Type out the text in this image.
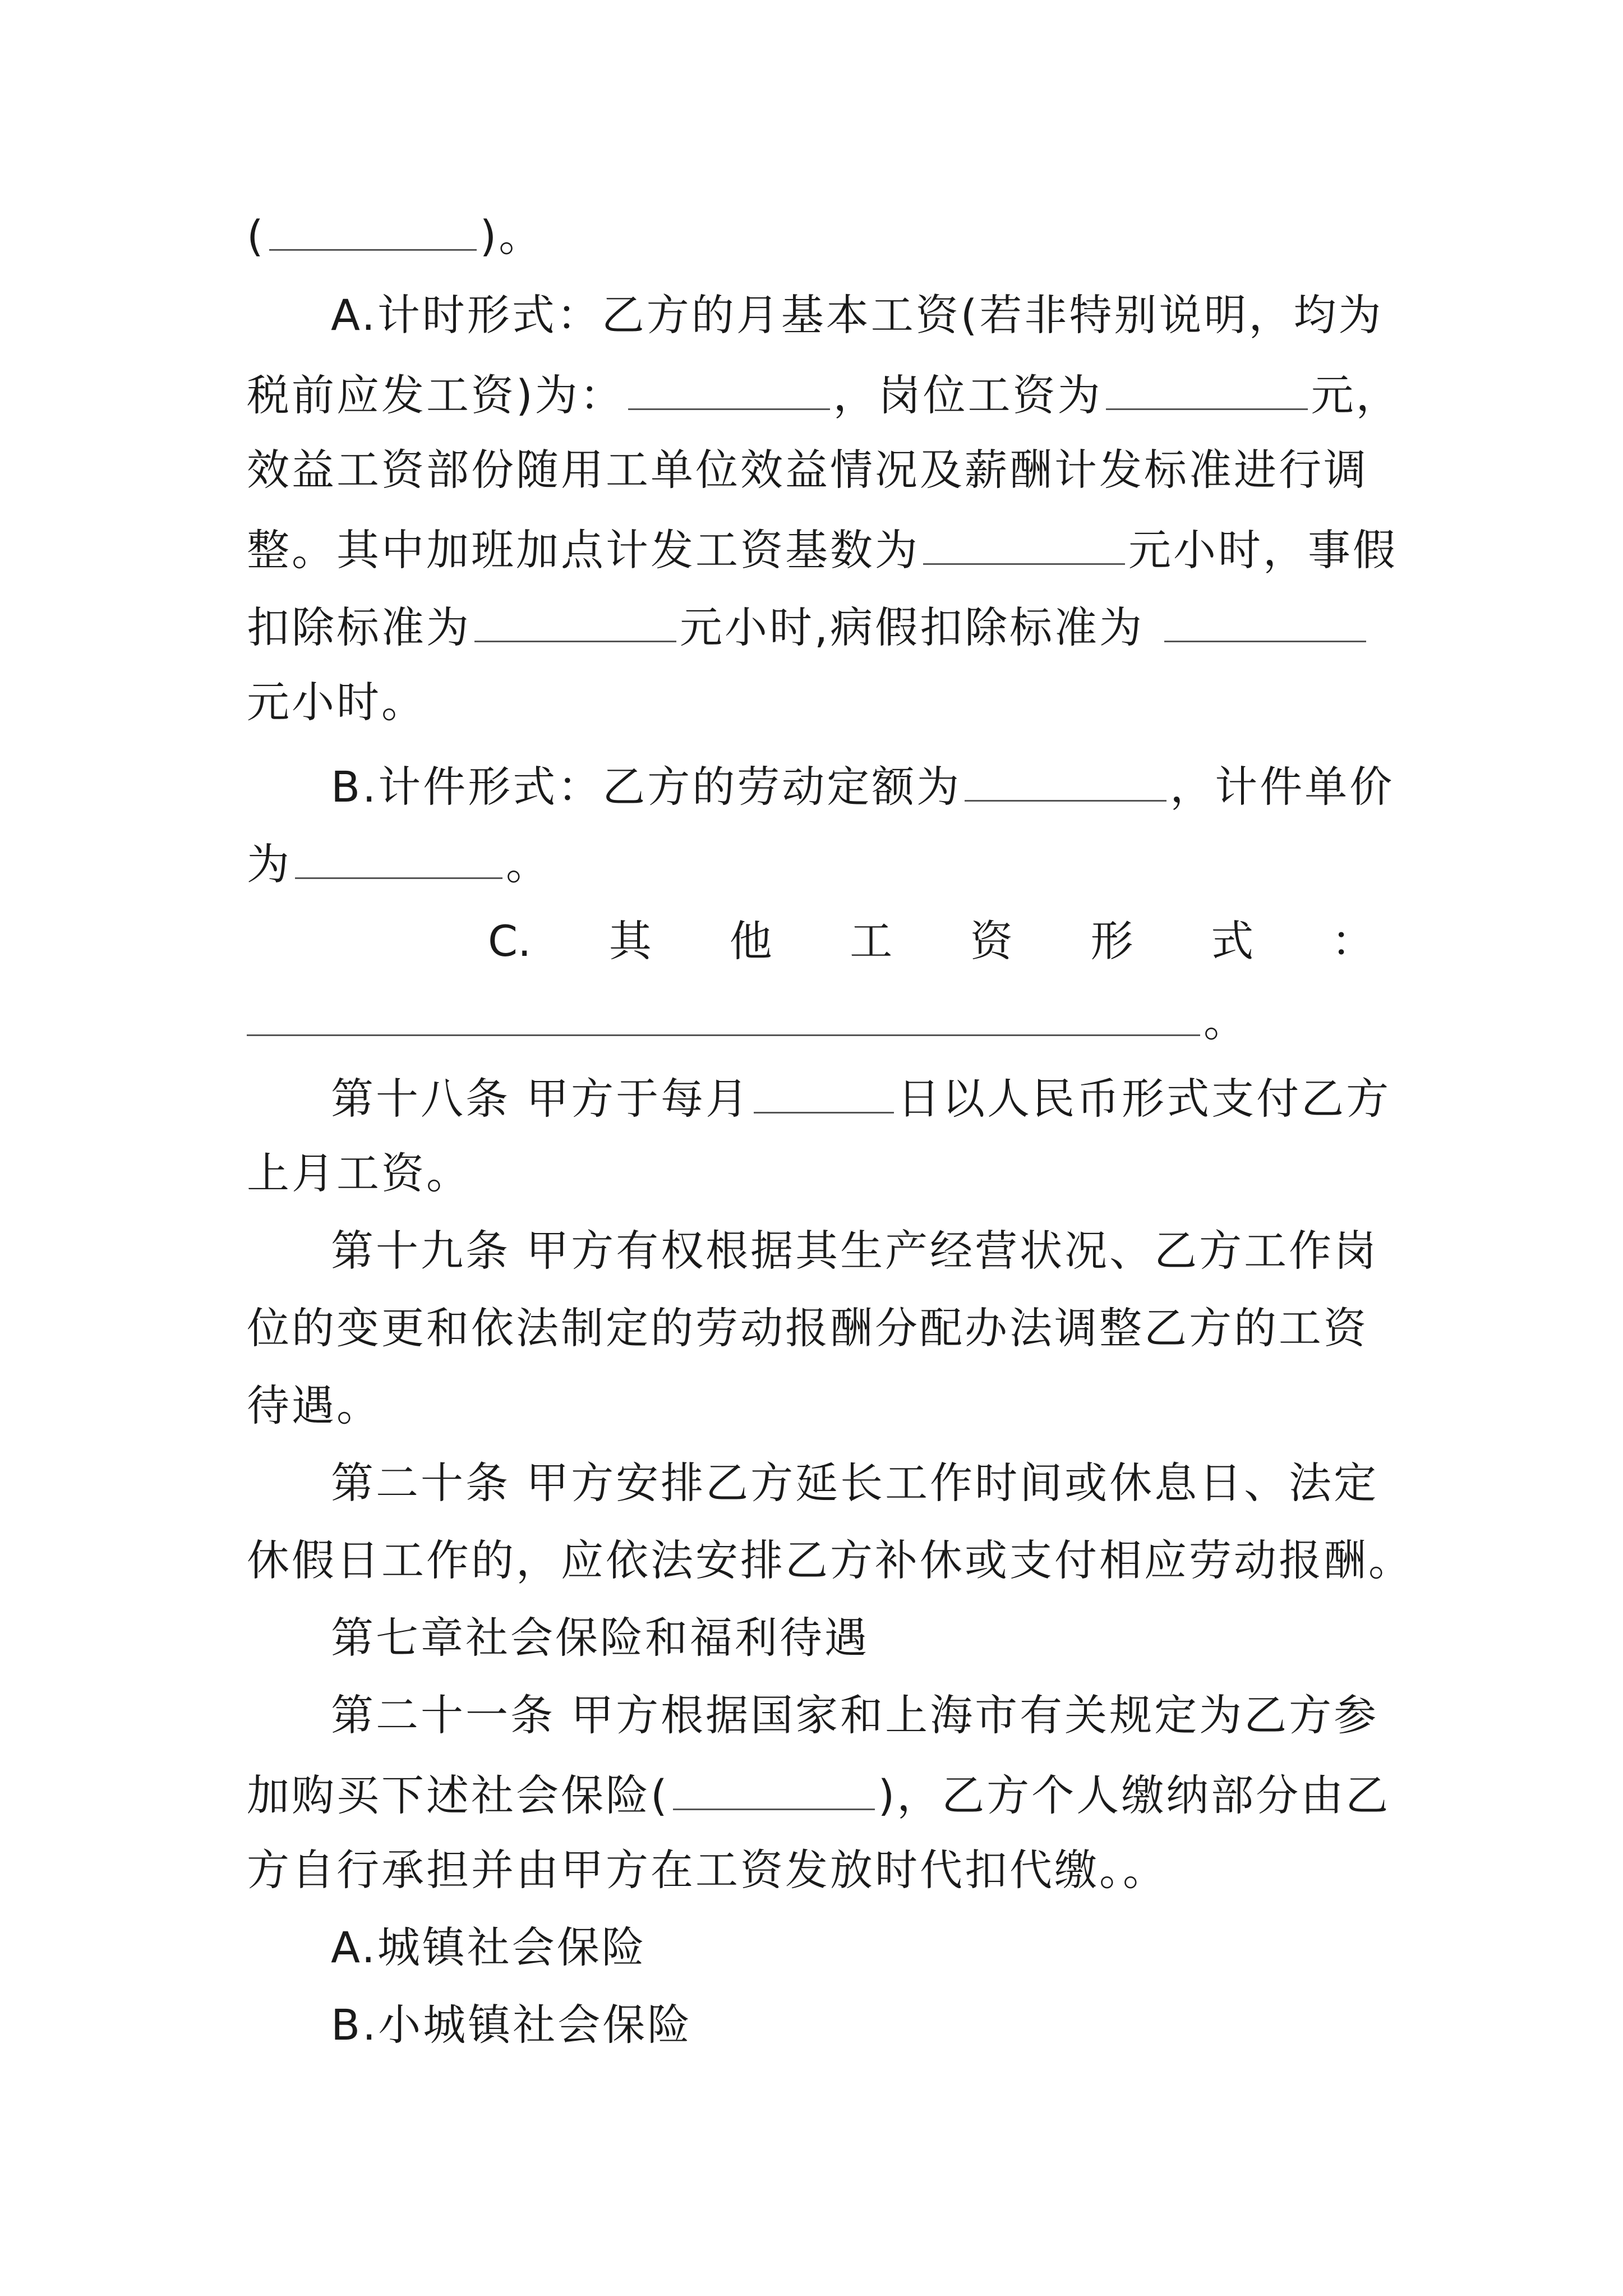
(	)。
A.计时形式：乙方的月基本工资(若非特别说明，均为
税前应发工资)为：	，岗位工资为	元，
效益工资部份随用工单位效益情况及薪酬计发标准进行调
整。其中加班加点计发工资基数为	元小时，事假
扣除标准为	元小时,病假扣除标准为
元小时。
B.计件形式：乙方的劳动定额为	，计件单价
为	。
C. 其 他 工 资 形 式 ：
。
第十八条 甲方于每月	日以人民币形式支付乙方
上月工资。
第十九条 甲方有权根据其生产经营状况、乙方工作岗
位的变更和依法制定的劳动报酬分配办法调整乙方的工资
待遇。
第二十条 甲方安排乙方延长工作时间或休息日、法定
休假日工作的，应依法安排乙方补休或支付相应劳动报酬。
第七章社会保险和福利待遇
第二十一条 甲方根据国家和上海市有关规定为乙方参
加购买下述社会保险(	)，乙方个人缴纳部分由乙
方自行承担并由甲方在工资发放时代扣代缴。。
A.城镇社会保险
B.小城镇社会保险
